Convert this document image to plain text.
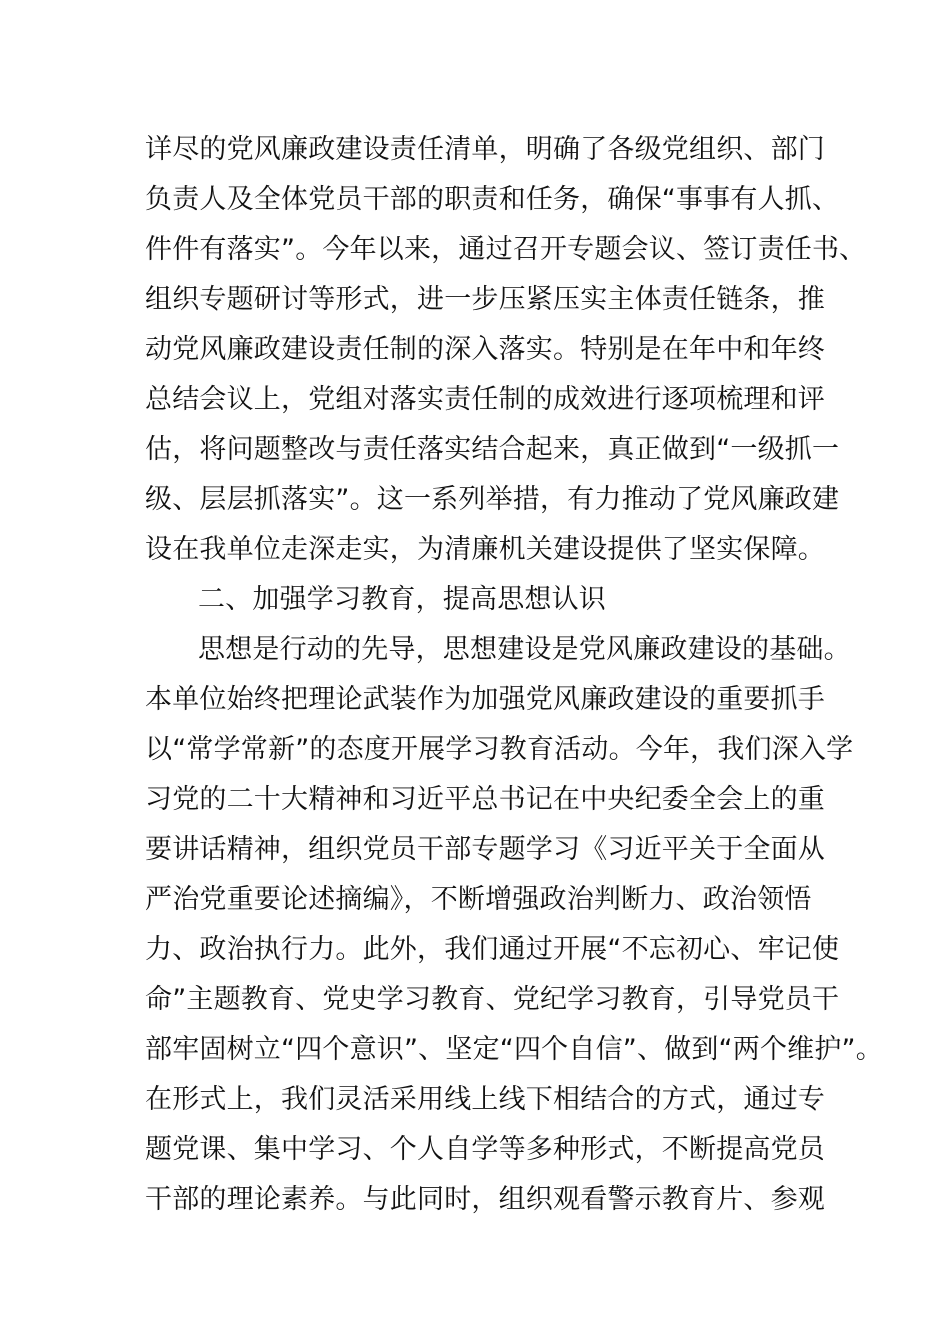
详尽的党风廉政建设责任清单，明确了各级党组织、部门
负责人及全体党员干部的职责和任务，确保“事事有人抓、
件件有落实”。今年以来，通过召开专题会议、签订责任书、
组织专题研讨等形式，进一步压紧压实主体责任链条，推
动党风廉政建设责任制的深入落实。特别是在年中和年终
总结会议上，党组对落实责任制的成效进行逐项梳理和评
估，将问题整改与责任落实结合起来，真正做到“一级抓一
级、层层抓落实”。这一系列举措，有力推动了党风廉政建
设在我单位走深走实，为清廉机关建设提供了坚实保障。
二、加强学习教育，提高思想认识
思想是行动的先导，思想建设是党风廉政建设的基础。
本单位始终把理论武装作为加强党风廉政建设的重要抓手
以“常学常新”的态度开展学习教育活动。今年，我们深入学
习党的二十大精神和习近平总书记在中央纪委全会上的重
要讲话精神，组织党员干部专题学习《习近平关于全面从
严治党重要论述摘编》，不断增强政治判断力、政治领悟
力、政治执行力。此外，我们通过开展“不忘初心、牢记使
命”主题教育、党史学习教育、党纪学习教育，引导党员干
部牢固树立“四个意识”、坚定“四个自信”、做到“两个维护”。
在形式上，我们灵活采用线上线下相结合的方式，通过专
题党课、集中学习、个人自学等多种形式，不断提高党员
干部的理论素养。与此同时，组织观看警示教育片、参观
